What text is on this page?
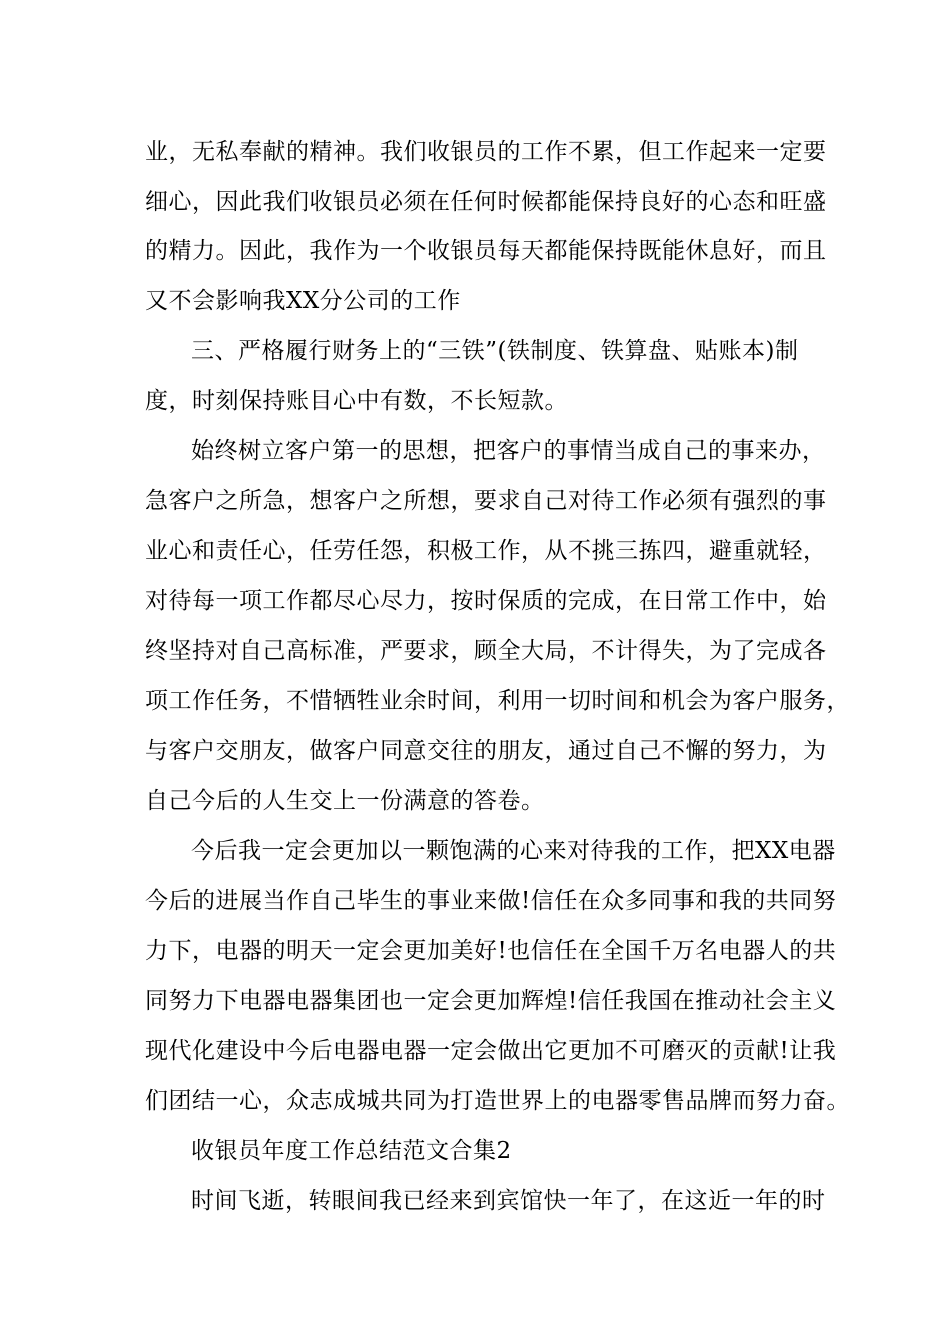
业，无私奉献的精神。我们收银员的工作不累，但工作起来一定要
细心，因此我们收银员必须在任何时候都能保持良好的心态和旺盛
的精力。因此，我作为一个收银员每天都能保持既能休息好，而且
又不会影响我XX分公司的工作
三、严格履行财务上的“三铁”(铁制度、铁算盘、贴账本)制
度，时刻保持账目心中有数，不长短款。
始终树立客户第一的思想，把客户的事情当成自己的事来办，
急客户之所急，想客户之所想，要求自己对待工作必须有强烈的事
业心和责任心，任劳任怨，积极工作，从不挑三拣四，避重就轻，
对待每一项工作都尽心尽力，按时保质的完成，在日常工作中，始
终坚持对自己高标准，严要求，顾全大局，不计得失，为了完成各
项工作任务，不惜牺牲业余时间，利用一切时间和机会为客户服务，
与客户交朋友，做客户同意交往的朋友，通过自己不懈的努力，为
自己今后的人生交上一份满意的答卷。
今后我一定会更加以一颗饱满的心来对待我的工作，把XX电器
今后的进展当作自己毕生的事业来做!信任在众多同事和我的共同努
力下，电器的明天一定会更加美好!也信任在全国千万名电器人的共
同努力下电器电器集团也一定会更加辉煌!信任我国在推动社会主义
现代化建设中今后电器电器一定会做出它更加不可磨灭的贡献!让我
们团结一心，众志成城共同为打造世界上的电器零售品牌而努力奋。
收银员年度工作总结范文合集2
时间飞逝，转眼间我已经来到宾馆快一年了，在这近一年的时
